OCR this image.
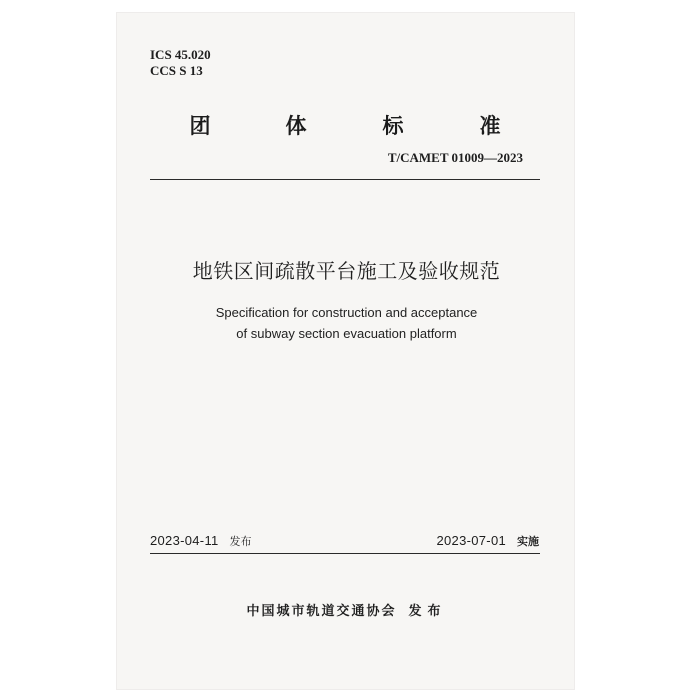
ICS 45.020
CCS S 13
团	体	标	准
T/CAMET 01009—2023
地铁区间疏散平台施工及验收规范
Specification for construction and acceptance
of subway section evacuation platform
2023-04-11 发布	2023-07-01 实施
中国城市轨道交通协会 发布
